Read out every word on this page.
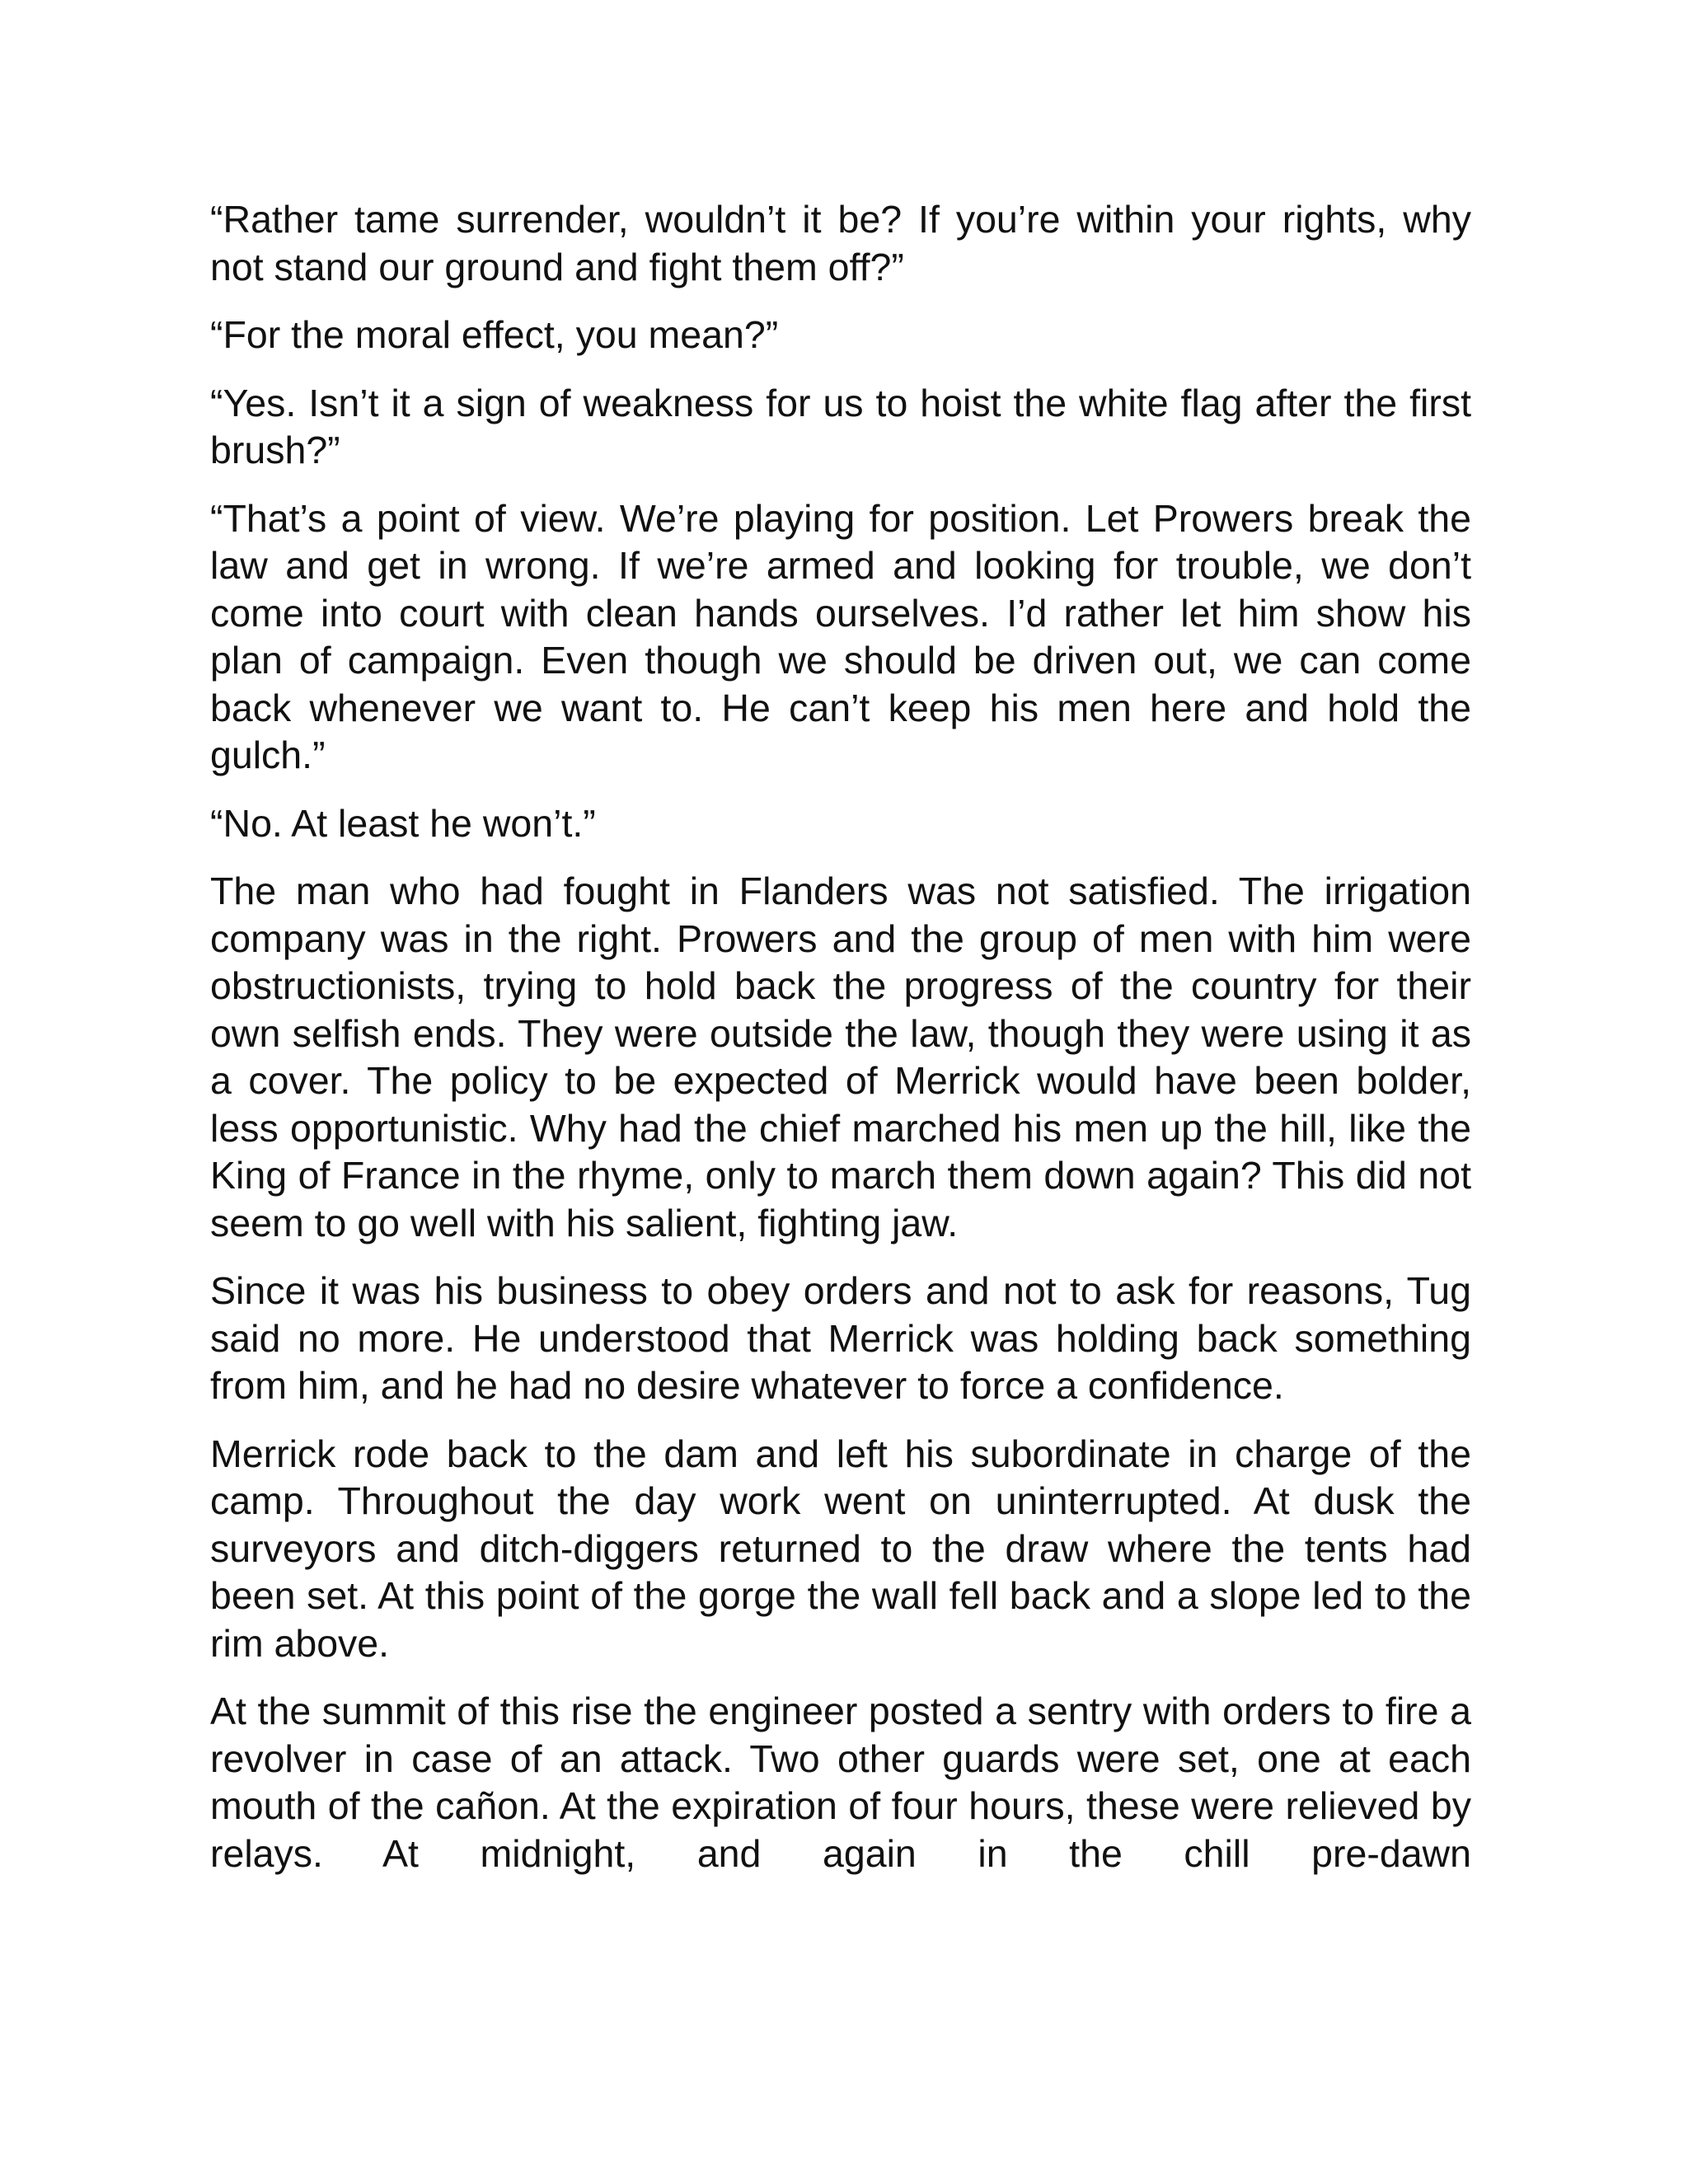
“Rather tame surrender, wouldn’t it be? If you’re within your rights, why not stand our ground and fight them off?”

“For the moral effect, you mean?”

“Yes. Isn’t it a sign of weakness for us to hoist the white flag after the first brush?”

“That’s a point of view. We’re playing for position. Let Prowers break the law and get in wrong. If we’re armed and looking for trouble, we don’t come into court with clean hands ourselves. I’d rather let him show his plan of campaign. Even though we should be driven out, we can come back whenever we want to. He can’t keep his men here and hold the gulch.”

“No. At least he won’t.”

The man who had fought in Flanders was not satisfied. The irrigation company was in the right. Prowers and the group of men with him were obstructionists, trying to hold back the progress of the country for their own selfish ends. They were outside the law, though they were using it as a cover. The policy to be expected of Merrick would have been bolder, less opportunistic. Why had the chief marched his men up the hill, like the King of France in the rhyme, only to march them down again? This did not seem to go well with his salient, fighting jaw.

Since it was his business to obey orders and not to ask for reasons, Tug said no more. He understood that Merrick was holding back something from him, and he had no desire whatever to force a confidence.

Merrick rode back to the dam and left his subordinate in charge of the camp. Throughout the day work went on uninterrupted. At dusk the surveyors and ditch-diggers returned to the draw where the tents had been set. At this point of the gorge the wall fell back and a slope led to the rim above.

At the summit of this rise the engineer posted a sentry with orders to fire a revolver in case of an attack. Two other guards were set, one at each mouth of the cañon. At the expiration of four hours, these were relieved by relays. At midnight, and again in the chill pre-dawn
